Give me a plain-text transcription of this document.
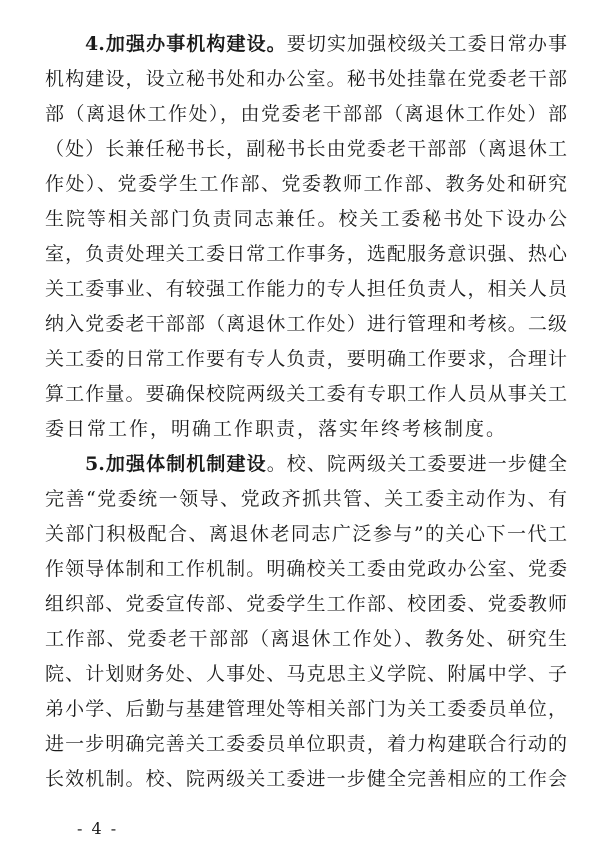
4.加强办事机构建设。要切实加强校级关工委日常办事
机构建设，设立秘书处和办公室。秘书处挂靠在党委老干部
部（离退休工作处），由党委老干部部（离退休工作处）部
（处）长兼任秘书长，副秘书长由党委老干部部（离退休工
作处）、党委学生工作部、党委教师工作部、教务处和研究
生院等相关部门负责同志兼任。校关工委秘书处下设办公
室，负责处理关工委日常工作事务，选配服务意识强、热心
关工委事业、有较强工作能力的专人担任负责人，相关人员
纳入党委老干部部（离退休工作处）进行管理和考核。二级
关工委的日常工作要有专人负责，要明确工作要求，合理计
算工作量。要确保校院两级关工委有专职工作人员从事关工
委日常工作，明确工作职责，落实年终考核制度。
5.加强体制机制建设。校、院两级关工委要进一步健全
完善“党委统一领导、党政齐抓共管、关工委主动作为、有
关部门积极配合、离退休老同志广泛参与”的关心下一代工
作领导体制和工作机制。明确校关工委由党政办公室、党委
组织部、党委宣传部、党委学生工作部、校团委、党委教师
工作部、党委老干部部（离退休工作处）、教务处、研究生
院、计划财务处、人事处、马克思主义学院、附属中学、子
弟小学、后勤与基建管理处等相关部门为关工委委员单位，
进一步明确完善关工委委员单位职责，着力构建联合行动的
长效机制。校、院两级关工委进一步健全完善相应的工作会
- 4 -
